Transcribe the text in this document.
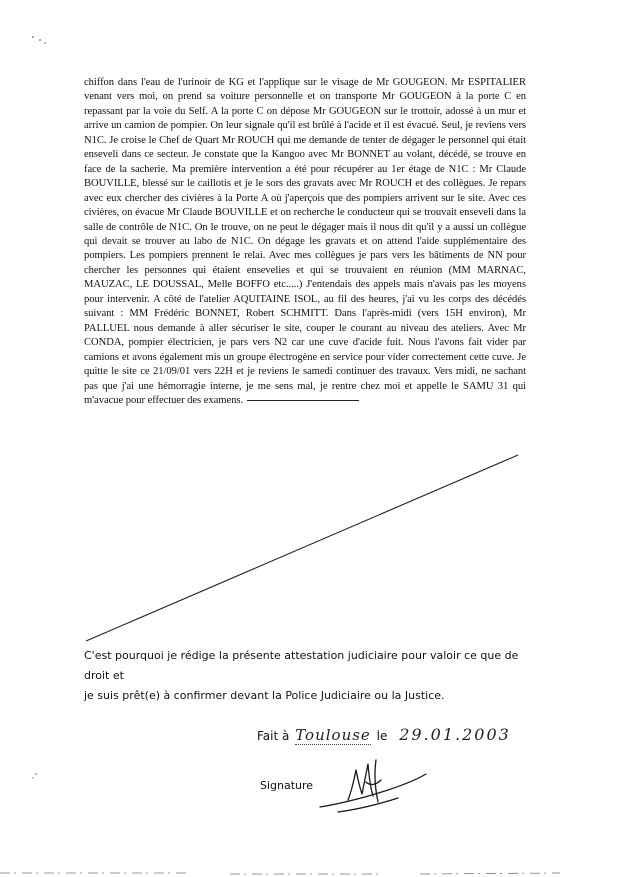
chiffon dans l'eau de l'urinoir de KG et l'applique sur le visage de Mr GOUGEON. Mr ESPITALIER venant vers moi, on prend sa voiture personnelle et on transporte Mr GOUGEON à la porte C en repassant par la voie du Self. A la porte C on dépose Mr GOUGEON sur le trottoir, adossé à un mur et arrive un camion de pompier. On leur signale qu'il est brûlé à l'acide et il est évacué. Seul, je reviens vers N1C. Je croise le Chef de Quart Mr ROUCH qui me demande de tenter de dégager le personnel qui était enseveli dans ce secteur. Je constate que la Kangoo avec Mr BONNET au volant, décédé, se trouve en face de la sacherie. Ma première intervention a été pour récupérer au 1er étage de N1C : Mr Claude BOUVILLE, blessé sur le caillotis et je le sors des gravats avec Mr ROUCH et des collègues. Je repars avec eux chercher des civières à la Porte A où j'aperçois que des pompiers arrivent sur le site. Avec ces civières, on évacue Mr Claude BOUVILLE et on recherche le conducteur qui se trouvait enseveli dans la salle de contrôle de N1C. On le trouve, on ne peut le dégager mais il nous dit qu'il y a aussi un collègue qui devait se trouver au labo de N1C. On dégage les gravats et on attend l'aide supplémentaire des pompiers. Les pompiers prennent le relai. Avec mes collègues je pars vers les bâtiments de NN pour chercher les personnes qui étaient ensevelies et qui se trouvaient en réunion (MM MARNAC, MAUZAC, LE DOUSSAL, Melle BOFFO etc.....) J'entendais des appels mais n'avais pas les moyens pour intervenir. A côté de l'atelier AQUITAINE ISOL, au fil des heures, j'ai vu les corps des décédés suivant : MM Frédéric BONNET, Robert SCHMITT. Dans l'après-midi (vers 15H environ), Mr PALLUEL nous demande à aller sécuriser le site, couper le courant au niveau des ateliers. Avec Mr CONDA, pompier électricien, je pars vers N2 car une cuve d'acide fuit. Nous l'avons fait vider par camions et avons également mis un groupe électrogène en service pour vider correctement cette cuve. Je quitte le site ce 21/09/01 vers 22H et je reviens le samedi continuer des travaux. Vers midi, ne sachant pas que j'ai une hémorragie interne, je me sens mal, je rentre chez moi et appelle le SAMU 31 qui m'avacue pour effectuer des examens.

C'est pourquoi je rédige la présente attestation judiciaire pour valoir ce que de droit et

je suis prêt(e) à confirmer devant la Police Judiciaire ou la Justice.

Fait à Toulouse le 29.01.2003
Signature
